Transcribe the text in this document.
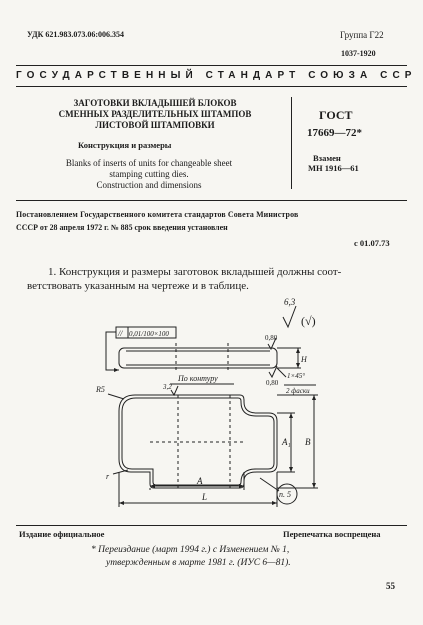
УДК 621.983.073.06:006.354	Группа Г22
1037-1920
ГОСУДАРСТВЕННЫЙ СТАНДАРТ СОЮЗА ССР
ЗАГОТОВКИ ВКЛАДЫШЕЙ БЛОКОВ
СМЕННЫХ РАЗДЕЛИТЕЛЬНЫХ ШТАМПОВ
ЛИСТОВОЙ ШТАМПОВКИ
Конструкция и размеры
Blanks of inserts of units for changeable sheet
stamping cutting dies.
Construction and dimensions
ГОСТ
17669—72*
Взамен
МН 1916—61
Постановлением Государственного комитета стандартов Совета Министров
СССР от 28 апреля 1972 г. № 885 срок введения установлен
с 01.07.73
1. Конструкция и размеры заготовок вкладышей должны соот-
ветствовать указанным на чертеже и в таблице.
6,3
(√)
// 0,01/100×100	0,80
0,80
H
1×45°
2 фаски
По контуру
3,2
R5
r
A₁ B
A
L	п. 5
Издание официальное	Перепечатка воспрещена
* Переиздание (март 1994 г.) с Изменением № 1,
утвержденным в марте 1981 г. (ИУС 6—81).
55
